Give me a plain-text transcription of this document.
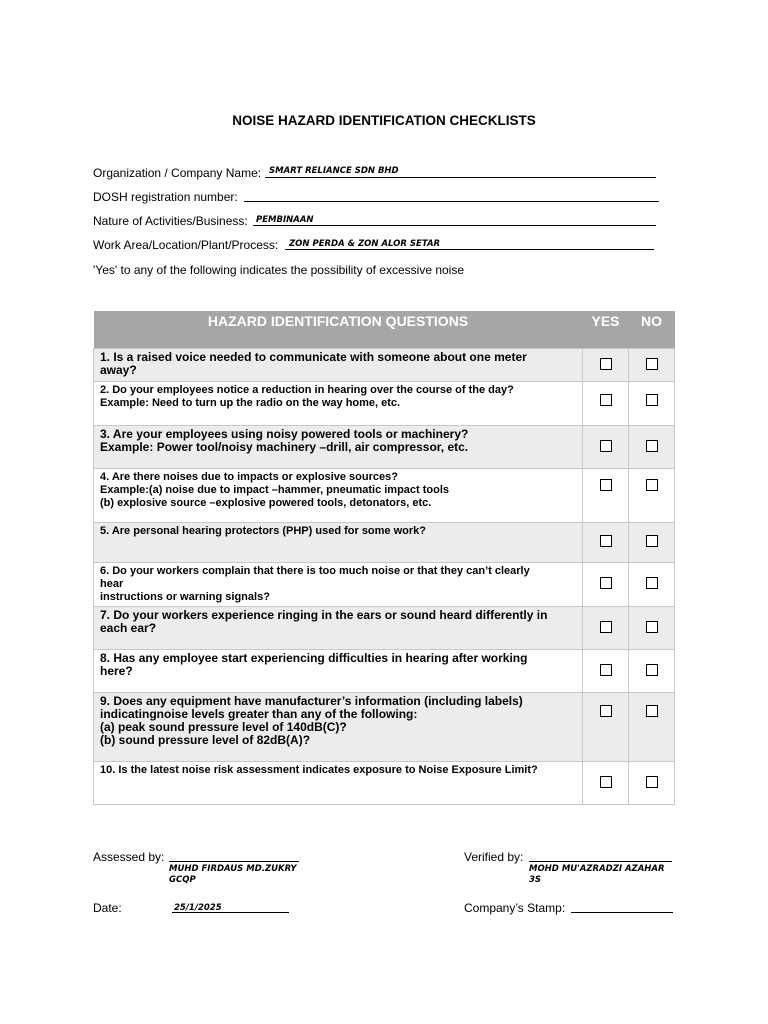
NOISE HAZARD IDENTIFICATION CHECKLISTS
Organization / Company Name: SMART RELIANCE SDN BHD
DOSH registration number:
Nature of Activities/Business: PEMBINAAN
Work Area/Location/Plant/Process: ZON PERDA & ZON ALOR SETAR
'Yes' to any of the following indicates the possibility of excessive noise
HAZARD IDENTIFICATION QUESTIONS	YES	NO

1. Is a raised voice needed to communicate with someone about one meter
away?		

2. Do your employees notice a reduction in hearing over the course of the day?
Example: Need to turn up the radio on the way home, etc.		

3. Are your employees using noisy powered tools or machinery?
Example: Power tool/noisy machinery –drill, air compressor, etc.		

4. Are there noises due to impacts or explosive sources?
Example:(a) noise due to impact –hammer, pneumatic impact tools
(b) explosive source –explosive powered tools, detonators, etc.		

5. Are personal hearing protectors (PHP) used for some work?		

6. Do your workers complain that there is too much noise or that they can’t clearly
hear
instructions or warning signals?		

7. Do your workers experience ringing in the ears or sound heard differently in
each ear?		

8. Has any employee start experiencing difficulties in hearing after working
here?		

9. Does any equipment have manufacturer’s information (including labels)
indicatingnoise levels greater than any of the following:
(a) peak sound pressure level of 140dB(C)?
(b) sound pressure level of 82dB(A)?		

10. Is the latest noise risk assessment indicates exposure to Noise Exposure Limit?		

Assessed by:
MUHD FIRDAUS MD.ZUKRY
GCQP
Verified by:
MOHD MU'AZRADZI AZAHAR
3S
Date:	25/1/2025	Company’s Stamp:
